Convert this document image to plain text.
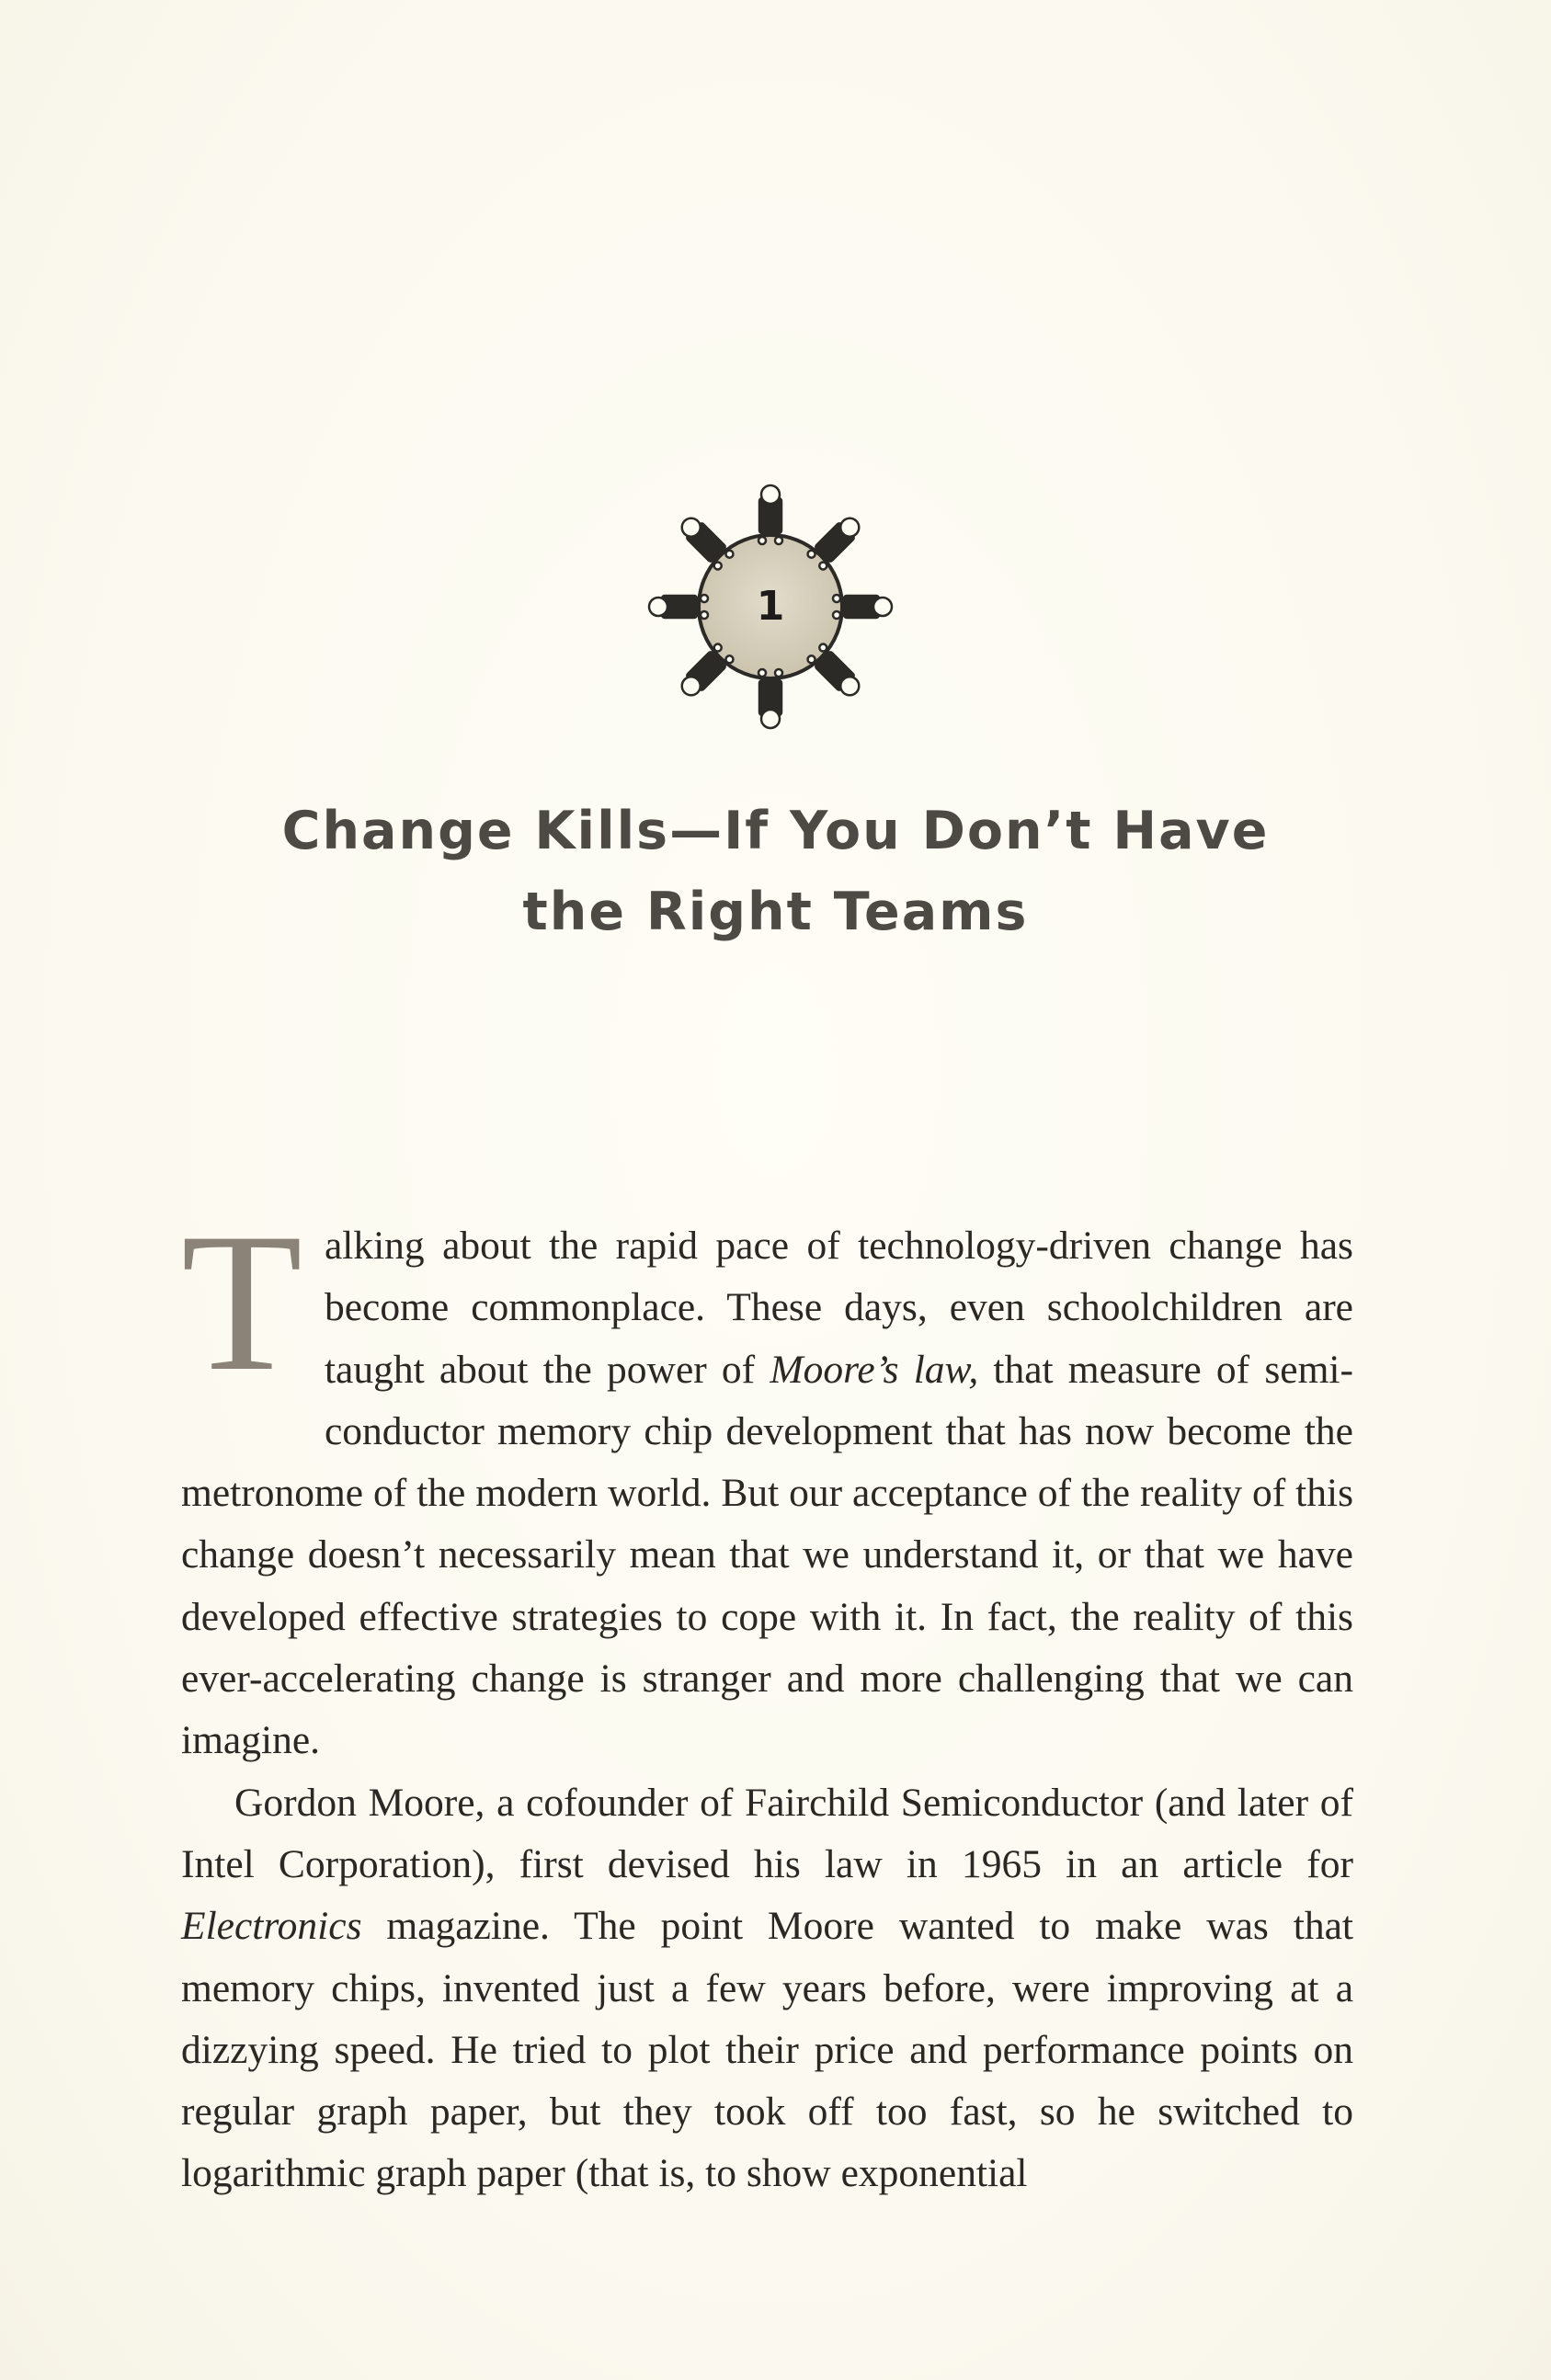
1
Change Kills—If You Don’t Have
the Right Teams

Talking about the rapid pace of technology-driven change has become commonplace. These days, even schoolchildren are taught about the power of Moore’s law, that measure of semiconductor memory chip development that has now become the metronome of the modern world. But our acceptance of the reality of this change doesn’t necessarily mean that we understand it, or that we have developed effective strategies to cope with it. In fact, the reality of this ever-accelerating change is stranger and more challenging that we can imagine.

Gordon Moore, a cofounder of Fairchild Semiconductor (and later of Intel Corporation), first devised his law in 1965 in an article for Electronics magazine. The point Moore wanted to make was that memory chips, invented just a few years before, were improving at a dizzying speed. He tried to plot their price and performance points on regular graph paper, but they took off too fast, so he switched to logarithmic graph paper (that is, to show exponential
